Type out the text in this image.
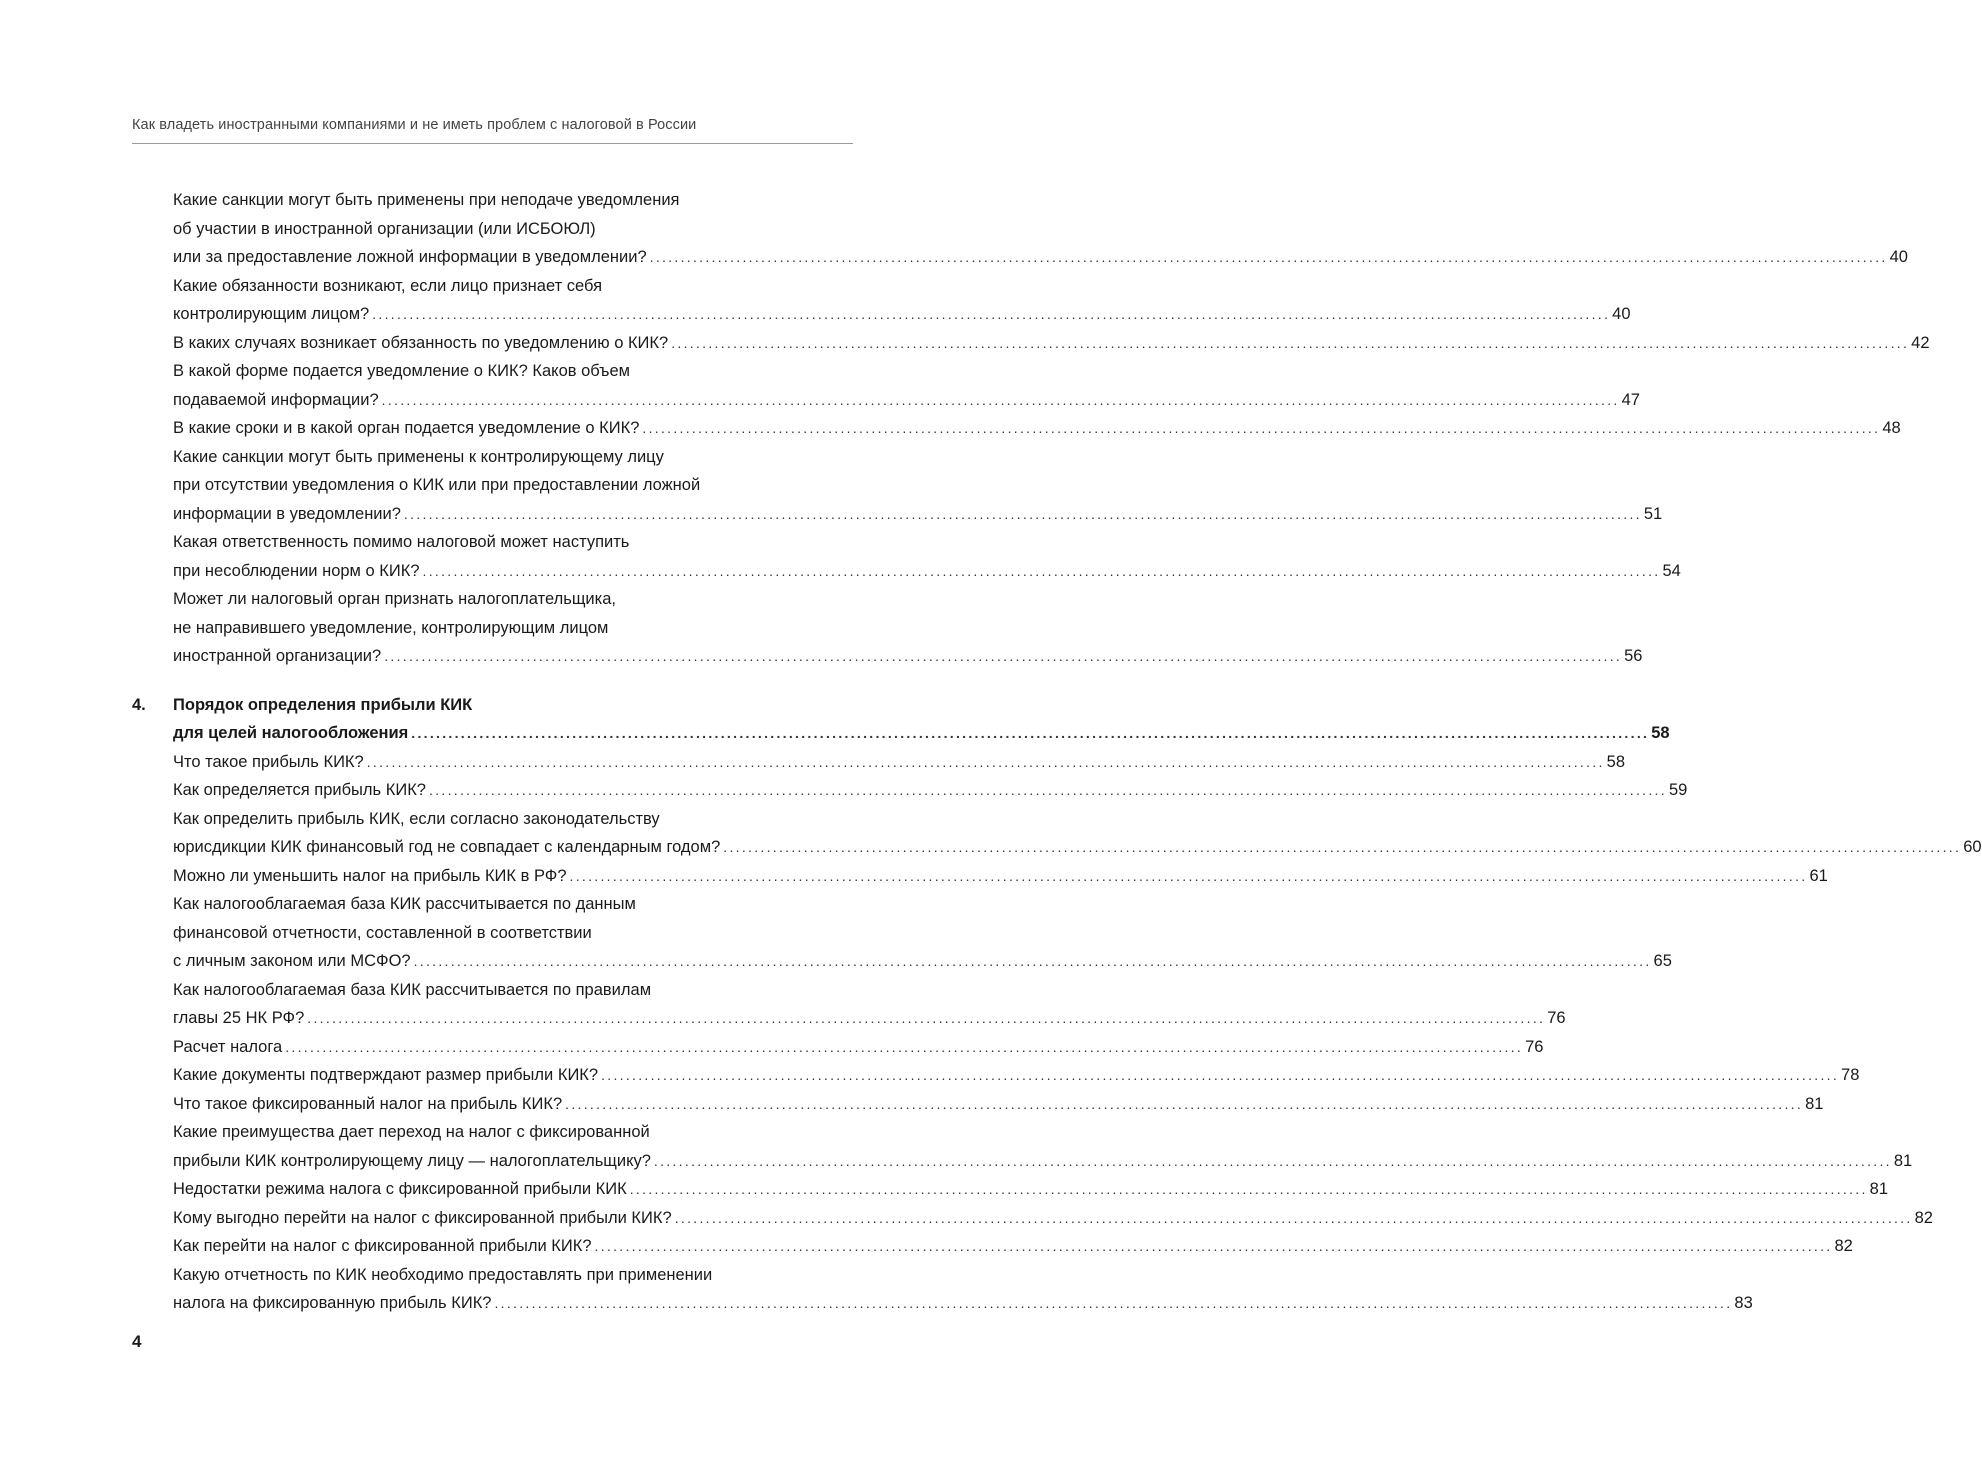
Как владеть иностранными компаниями и не иметь проблем с налоговой в России
Какие санкции могут быть применены при неподаче уведомления
об участии в иностранной организации (или ИСБОЮЛ)
или за предоставление ложной информации в уведомлении? ........................................................................................................................................................................................................ 40
Какие обязанности возникают, если лицо признает себя
контролирующим лицом? ........................................................................................................................................................................................................ 40
В каких случаях возникает обязанность по уведомлению о КИК? ........................................................................................................................................................................................................ 42
В какой форме подается уведомление о КИК? Каков объем
подаваемой информации? ........................................................................................................................................................................................................ 47
В какие сроки и в какой орган подается уведомление о КИК? ........................................................................................................................................................................................................ 48
Какие санкции могут быть применены к контролирующему лицу
при отсутствии уведомления о КИК или при предоставлении ложной
информации в уведомлении? ........................................................................................................................................................................................................ 51
Какая ответственность помимо налоговой может наступить
при несоблюдении норм о КИК? ........................................................................................................................................................................................................ 54
Может ли налоговый орган признать налогоплательщика,
не направившего уведомление, контролирующим лицом
иностранной организации? ........................................................................................................................................................................................................ 56
4. Порядок определения прибыли КИК
для целей налогообложения ........................................................................................................................................................................................................ 58
Что такое прибыль КИК? ........................................................................................................................................................................................................ 58
Как определяется прибыль КИК? ........................................................................................................................................................................................................ 59
Как определить прибыль КИК, если согласно законодательству
юрисдикции КИК финансовый год не совпадает с календарным годом? ........................................................................................................................................................................................................ 60
Можно ли уменьшить налог на прибыль КИК в РФ? ........................................................................................................................................................................................................ 61
Как налогооблагаемая база КИК рассчитывается по данным
финансовой отчетности, составленной в соответствии
с личным законом или МСФО? ........................................................................................................................................................................................................ 65
Как налогооблагаемая база КИК рассчитывается по правилам
главы 25 НК РФ? ........................................................................................................................................................................................................ 76
Расчет налога ........................................................................................................................................................................................................ 76
Какие документы подтверждают размер прибыли КИК? ........................................................................................................................................................................................................ 78
Что такое фиксированный налог на прибыль КИК? ........................................................................................................................................................................................................ 81
Какие преимущества дает переход на налог с фиксированной
прибыли КИК контролирующему лицу — налогоплательщику? ........................................................................................................................................................................................................ 81
Недостатки режима налога с фиксированной прибыли КИК ........................................................................................................................................................................................................ 81
Кому выгодно перейти на налог с фиксированной прибыли КИК? ........................................................................................................................................................................................................ 82
Как перейти на налог с фиксированной прибыли КИК? ........................................................................................................................................................................................................ 82
Какую отчетность по КИК необходимо предоставлять при применении
налога на фиксированную прибыль КИК? ........................................................................................................................................................................................................ 83
4
